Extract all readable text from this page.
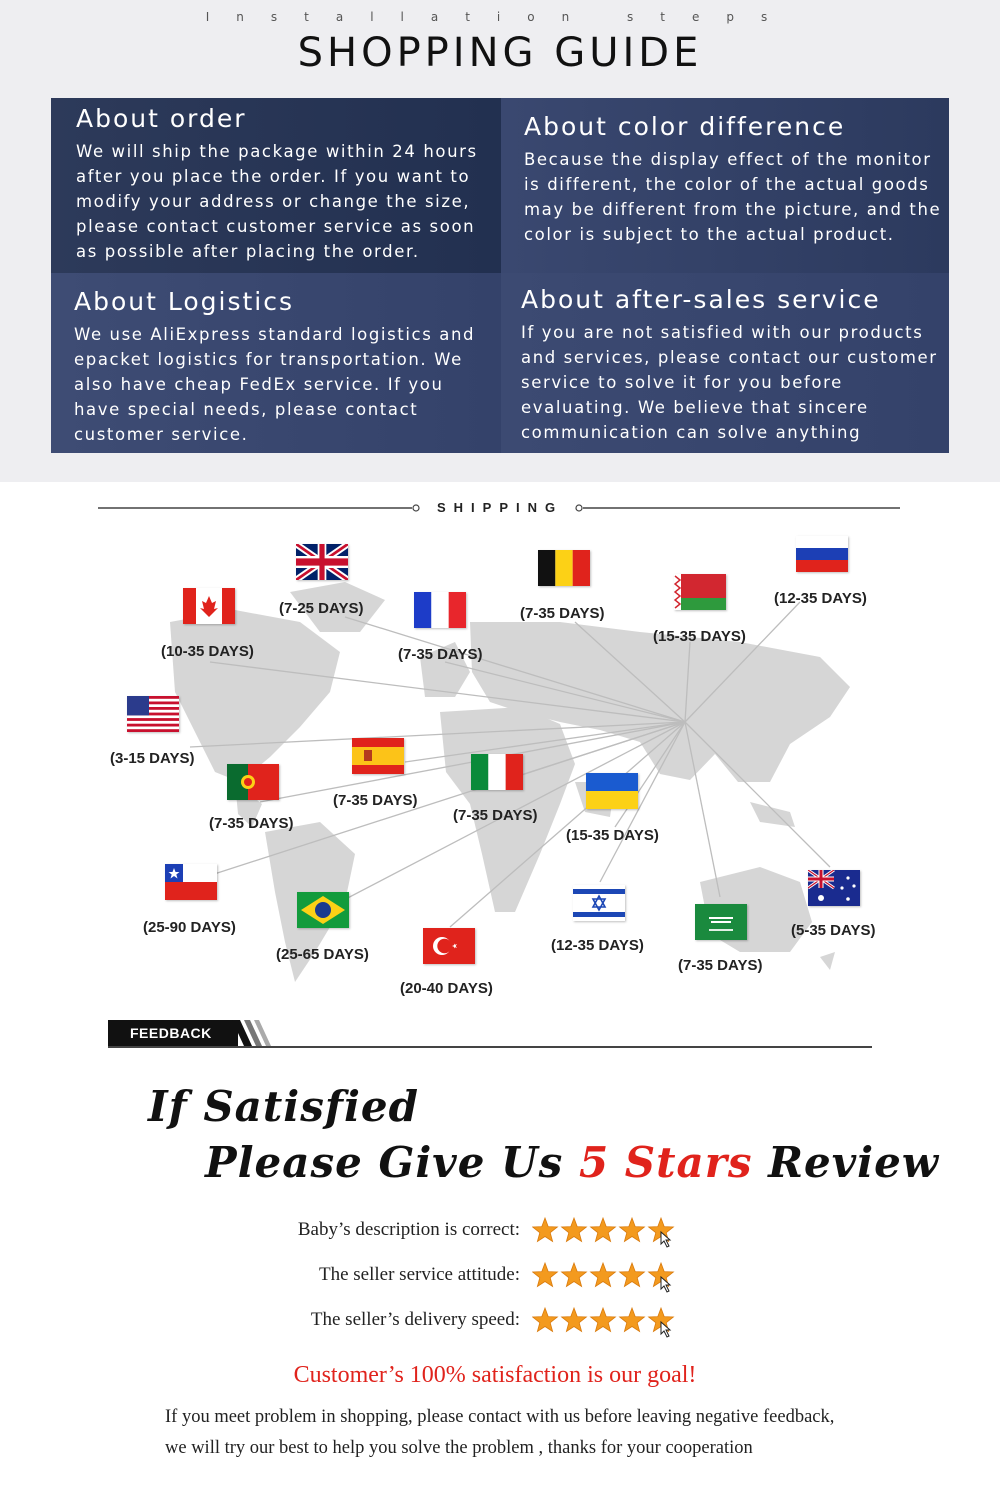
Installation steps
SHOPPING GUIDE
About order

We will ship the package within 24 hours after you place the order. If you want to modify your address or change the size, please contact customer service as soon as possible after placing the order.

About color difference

Because the display effect of the monitor is different, the color of the actual goods may be different from the picture, and the color is subject to the actual product.

About Logistics

We use AliExpress standard logistics and epacket logistics for transportation. We also have cheap FedEx service. If you have special needs, please contact customer service.

About after-sales service

If you are not satisfied with our products and services, please contact our customer service to solve it for you before evaluating. We believe that sincere communication can solve anything

SHIPPING
(7-25 DAYS)
(10-35 DAYS)	(7-35 DAYS)
(7-35 DAYS)
(15-35 DAYS)
(12-35 DAYS)
(3-15 DAYS)
(7-35 DAYS)
(7-35 DAYS)	(7-35 DAYS)
(15-35 DAYS)
(25-90 DAYS)
(25-65 DAYS)
(20-40 DAYS)
(12-35 DAYS)
(7-35 DAYS)
(5-35 DAYS)
FEEDBACK
If Satisfied
Please Give Us 5 Stars Review
Baby’s description is correct:
The seller service attitude:
The seller’s delivery speed:
Customer’s 100% satisfaction is our goal!
If you meet problem in shopping, please contact with us before leaving negative feedback,
we will try our best to help you solve the problem , thanks for your cooperation
